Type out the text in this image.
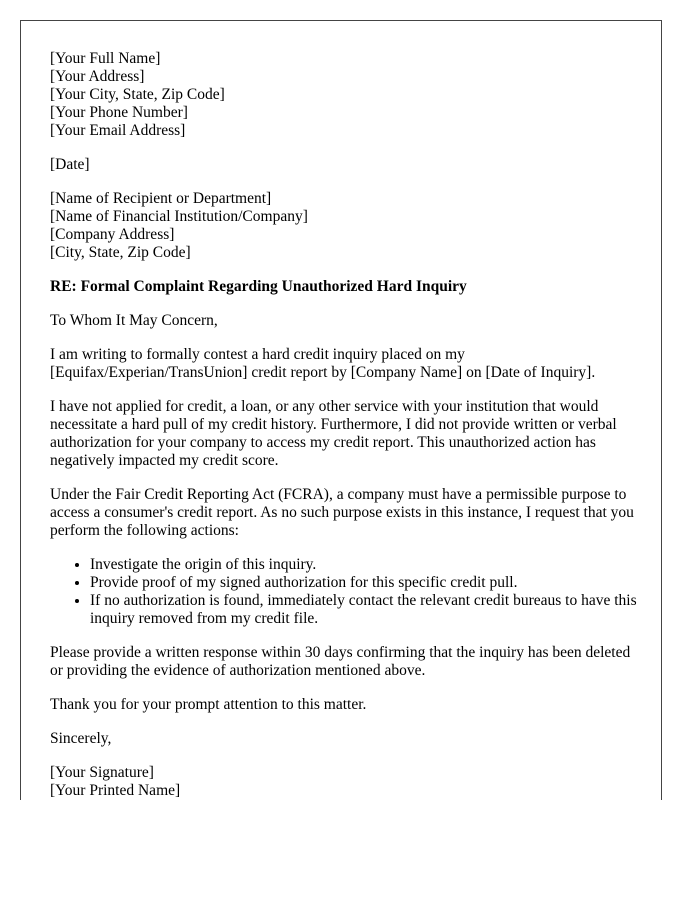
[Your Full Name]
[Your Address]
[Your City, State, Zip Code]
[Your Phone Number]
[Your Email Address]
[Date]
[Name of Recipient or Department]
[Name of Financial Institution/Company]
[Company Address]
[City, State, Zip Code]

RE: Formal Complaint Regarding Unauthorized Hard Inquiry

To Whom It May Concern,

I am writing to formally contest a hard credit inquiry placed on my [Equifax/Experian/TransUnion] credit report by [Company Name] on [Date of Inquiry].

I have not applied for credit, a loan, or any other service with your institution that would necessitate a hard pull of my credit history. Furthermore, I did not provide written or verbal authorization for your company to access my credit report. This unauthorized action has negatively impacted my credit score.

Under the Fair Credit Reporting Act (FCRA), a company must have a permissible purpose to access a consumer's credit report. As no such purpose exists in this instance, I request that you perform the following actions:

• Investigate the origin of this inquiry.
• Provide proof of my signed authorization for this specific credit pull.
• If no authorization is found, immediately contact the relevant credit bureaus to have this inquiry removed from my credit file.

Please provide a written response within 30 days confirming that the inquiry has been deleted or providing the evidence of authorization mentioned above.

Thank you for your prompt attention to this matter.

Sincerely,

[Your Signature]
[Your Printed Name]
